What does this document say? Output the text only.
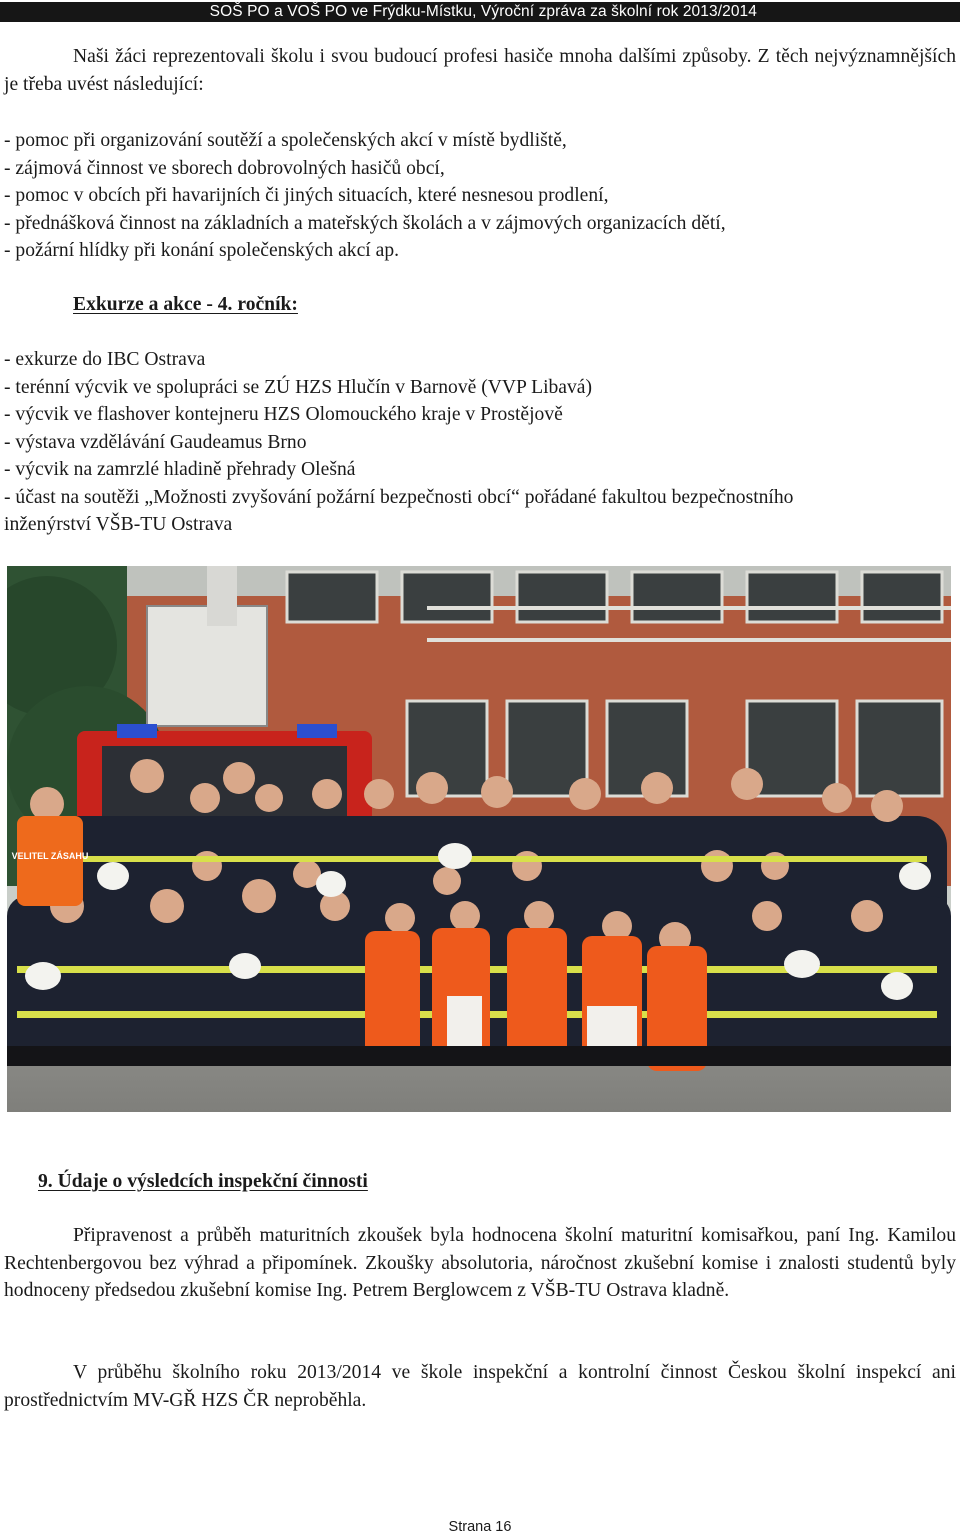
SOŠ PO a VOŠ PO ve Frýdku-Místku, Výroční zpráva za školní rok 2013/2014

Naši žáci reprezentovali školu i svou budoucí profesi hasiče mnoha dalšími způsoby. Z těch nejvýznamnějších je třeba uvést následující:

- pomoc při organizování soutěží a společenských akcí v místě bydliště,
- zájmová činnost ve sborech dobrovolných hasičů obcí,
- pomoc v obcích při havarijních či jiných situacích, které nesnesou prodlení,
- přednášková činnost na základních a mateřských školách a v zájmových organizacích dětí,
- požární hlídky při konání společenských akcí ap.
Exkurze a akce - 4. ročník:
- exkurze do IBC Ostrava
- terénní výcvik ve spolupráci se ZÚ HZS Hlučín v Barnově (VVP Libavá)
- výcvik ve flashover kontejneru HZS Olomouckého kraje v Prostějově
- výstava vzdělávání Gaudeamus Brno
- výcvik na zamrzlé hladině přehrady Olešná
- účast na soutěži „Možnosti zvyšování požární bezpečnosti obcí“ pořádané fakultou bezpečnostního inženýrství VŠB-TU Ostrava
VELITEL ZÁSAHU
9. Údaje o výsledcích inspekční činnosti

Připravenost a průběh maturitních zkoušek byla hodnocena školní maturitní komisařkou, paní Ing. Kamilou Rechtenbergovou bez výhrad a připomínek. Zkoušky absolutoria, náročnost zkušební komise i znalosti studentů byly hodnoceny předsedou zkušební komise Ing. Petrem Berglowcem z VŠB-TU Ostrava kladně.

V průběhu školního roku 2013/2014 ve škole inspekční a kontrolní činnost Českou školní inspekcí ani prostřednictvím MV-GŘ HZS ČR neproběhla.

Strana 16
